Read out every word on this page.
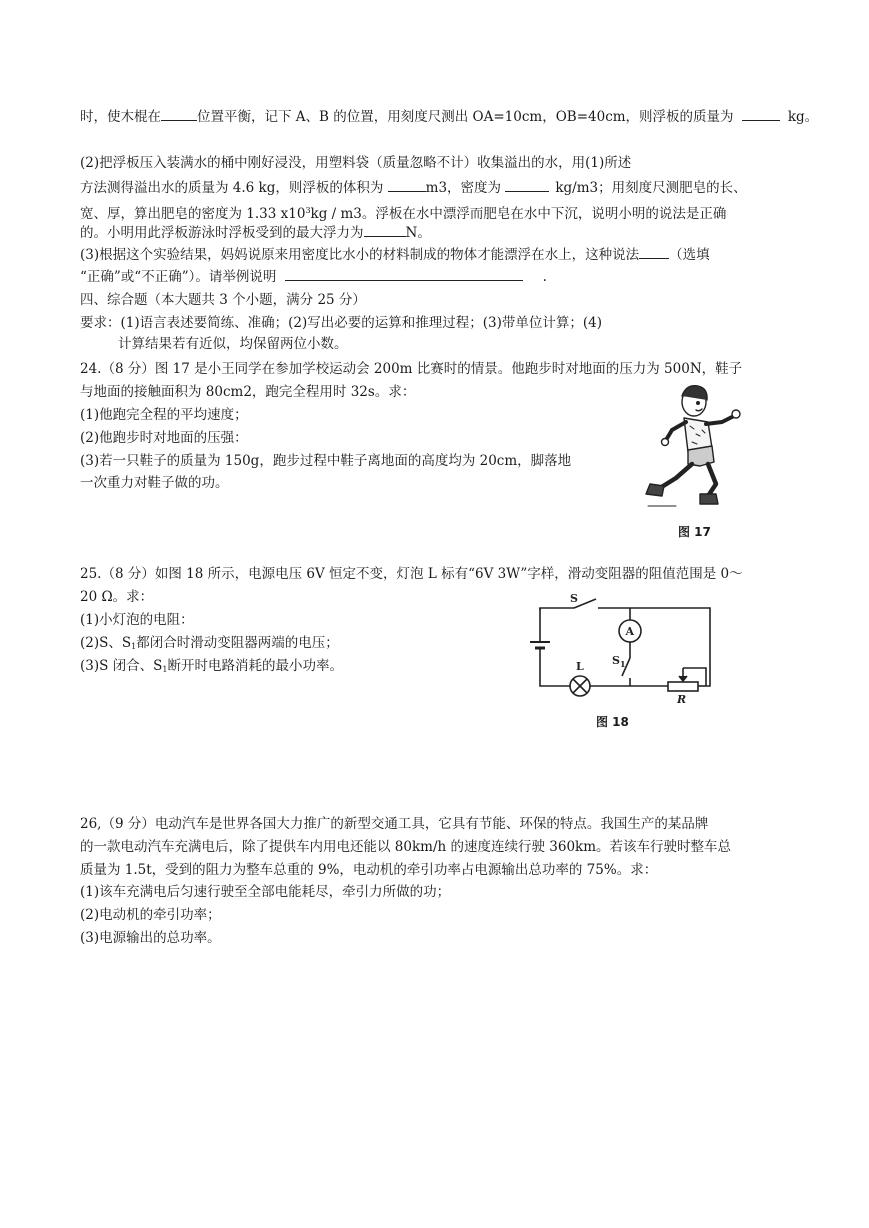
时，使木棍在	位置平衡，记下 A、B 的位置，用刻度尺测出 OA=10cm，OB=40cm，则浮板的质量为	kg。
(2)把浮板压入装满水的桶中刚好浸没，用塑料袋（质量忽略不计）收集溢出的水，用(1)所述
方法测得溢出水的质量为 4.6 kg，则浮板的体积为	m3，密度为	kg/m3；用刻度尺测肥皂的长、
宽、厚，算出肥皂的密度为 1.33 $x10^3kg / m3$。浮板在水中漂浮而肥皂在水中下沉，说明小明的说法是正确
的。小明用此浮板游泳时浮板受到的最大浮力为	N。
(3)根据这个实验结果，妈妈说原来用密度比水小的材料制成的物体才能漂浮在水上，这种说法 （选填
“正确”或“不正确”）。请举例说明	.
四、综合题（本大题共 3 个小题，满分 25 分）
要求：(1)语言表述要简练、准确；(2)写出必要的运算和推理过程；(3)带单位计算；(4)
计算结果若有近似，均保留两位小数。
24.（8 分）图 17 是小王同学在参加学校运动会 200m 比赛时的情景。他跑步时对地面的压力为 500N，鞋子
与地面的接触面积为 80cm2，跑完全程用时 32s。求：
(1)他跑完全程的平均速度；
(2)他跑步时对地面的压强：
(3)若一只鞋子的质量为 150g，跑步过程中鞋子离地面的高度均为 20cm，脚落地
一次重力对鞋子做的功。
图 17
25.（8 分）如图 18 所示，电源电压 6V 恒定不变，灯泡 L 标有“6V 3W”字样，滑动变阻器的阻值范围是 0～
20 Ω。求：
(1)小灯泡的电阻：
(2)S、$S_1$都闭合时滑动变阻器两端的电压；
(3)S 闭合、$S_1$断开时电路消耗的最小功率。
S
A
$S_1$
L
R
图 18
26,（9 分）电动汽车是世界各国大力推广的新型交通工具，它具有节能、环保的特点。我国生产的某品牌
的一款电动汽车充满电后，除了提供车内用电还能以 80km/h 的速度连续行驶 360km。若该车行驶时整车总
质量为 1.5t，受到的阻力为整车总重的 9%，电动机的牵引功率占电源输出总功率的 75%。求：
(1)该车充满电后匀速行驶至全部电能耗尽，牵引力所做的功；
(2)电动机的牵引功率；
(3)电源输出的总功率。
